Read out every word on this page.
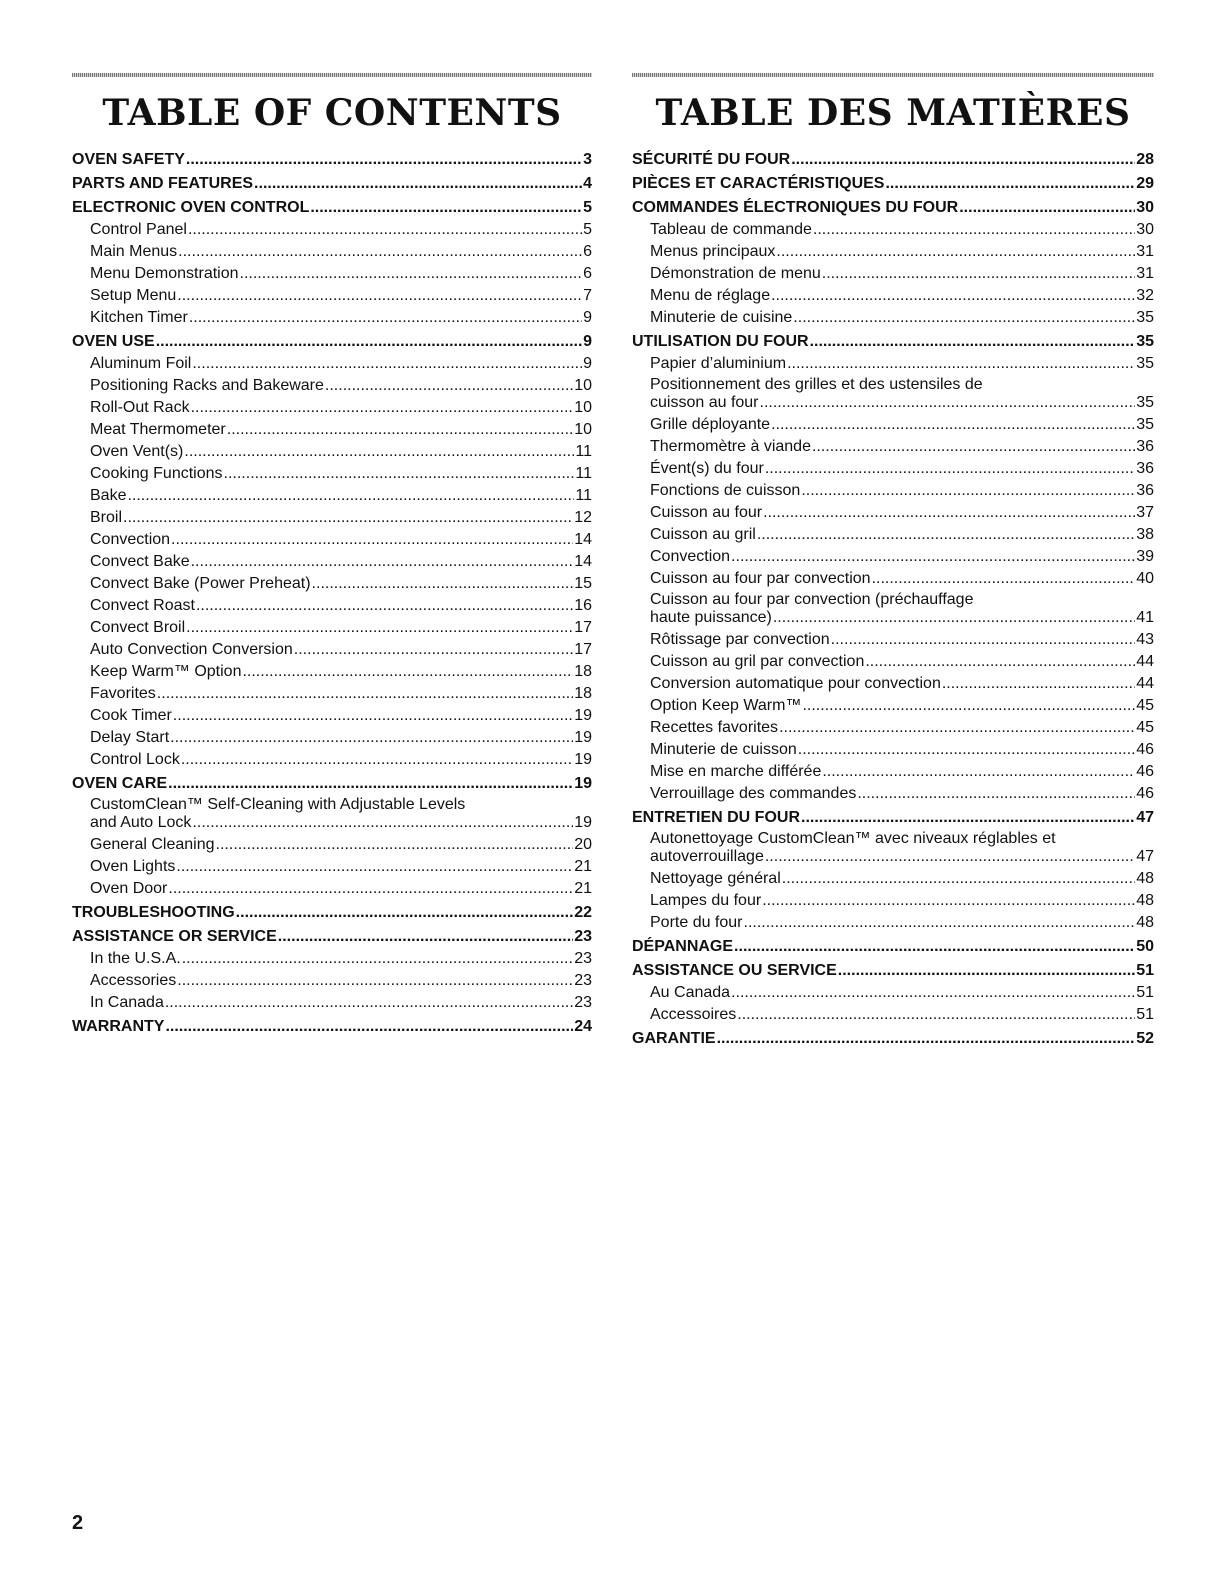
TABLE OF CONTENTS
OVEN SAFETY .....	3
PARTS AND FEATURES .....	4
ELECTRONIC OVEN CONTROL .....	5
Control Panel .....	5
Main Menus .....	6
Menu Demonstration .....	6
Setup Menu .....	7
Kitchen Timer .....	9
OVEN USE .....	9
Aluminum Foil .....	9
Positioning Racks and Bakeware .....	10
Roll-Out Rack .....	10
Meat Thermometer .....	10
Oven Vent(s) .....	11
Cooking Functions .....	11
Bake .....	11
Broil .....	12
Convection .....	14
Convect Bake .....	14
Convect Bake (Power Preheat) .....	15
Convect Roast .....	16
Convect Broil .....	17
Auto Convection Conversion .....	17
Keep Warm™ Option .....	18
Favorites .....	18
Cook Timer .....	19
Delay Start .....	19
Control Lock .....	19
OVEN CARE .....	19
CustomClean™ Self-Cleaning with Adjustable Levels
and Auto Lock .....	19
General Cleaning .....	20
Oven Lights .....	21
Oven Door .....	21
TROUBLESHOOTING .....	22
ASSISTANCE OR SERVICE .....	23
In the U.S.A. .....	23
Accessories .....	23
In Canada .....	23
WARRANTY .....	24
TABLE DES MATIÈRES
SÉCURITÉ DU FOUR .....	28
PIÈCES ET CARACTÉRISTIQUES .....	29
COMMANDES ÉLECTRONIQUES DU FOUR .....	30
Tableau de commande .....	30
Menus principaux .....	31
Démonstration de menu .....	31
Menu de réglage .....	32
Minuterie de cuisine .....	35
UTILISATION DU FOUR .....	35
Papier d’aluminium .....	35
Positionnement des grilles et des ustensiles de
cuisson au four .....	35
Grille déployante .....	35
Thermomètre à viande .....	36
Évent(s) du four .....	36
Fonctions de cuisson .....	36
Cuisson au four .....	37
Cuisson au gril .....	38
Convection .....	39
Cuisson au four par convection .....	40
Cuisson au four par convection (préchauffage
haute puissance) .....	41
Rôtissage par convection .....	43
Cuisson au gril par convection .....	44
Conversion automatique pour convection .....	44
Option Keep Warm™ .....	45
Recettes favorites .....	45
Minuterie de cuisson .....	46
Mise en marche différée .....	46
Verrouillage des commandes .....	46
ENTRETIEN DU FOUR .....	47
Autonettoyage CustomClean™ avec niveaux réglables et
autoverrouillage .....	47
Nettoyage général .....	48
Lampes du four .....	48
Porte du four .....	48
DÉPANNAGE .....	50
ASSISTANCE OU SERVICE .....	51
Au Canada .....	51
Accessoires .....	51
GARANTIE .....	52
2
